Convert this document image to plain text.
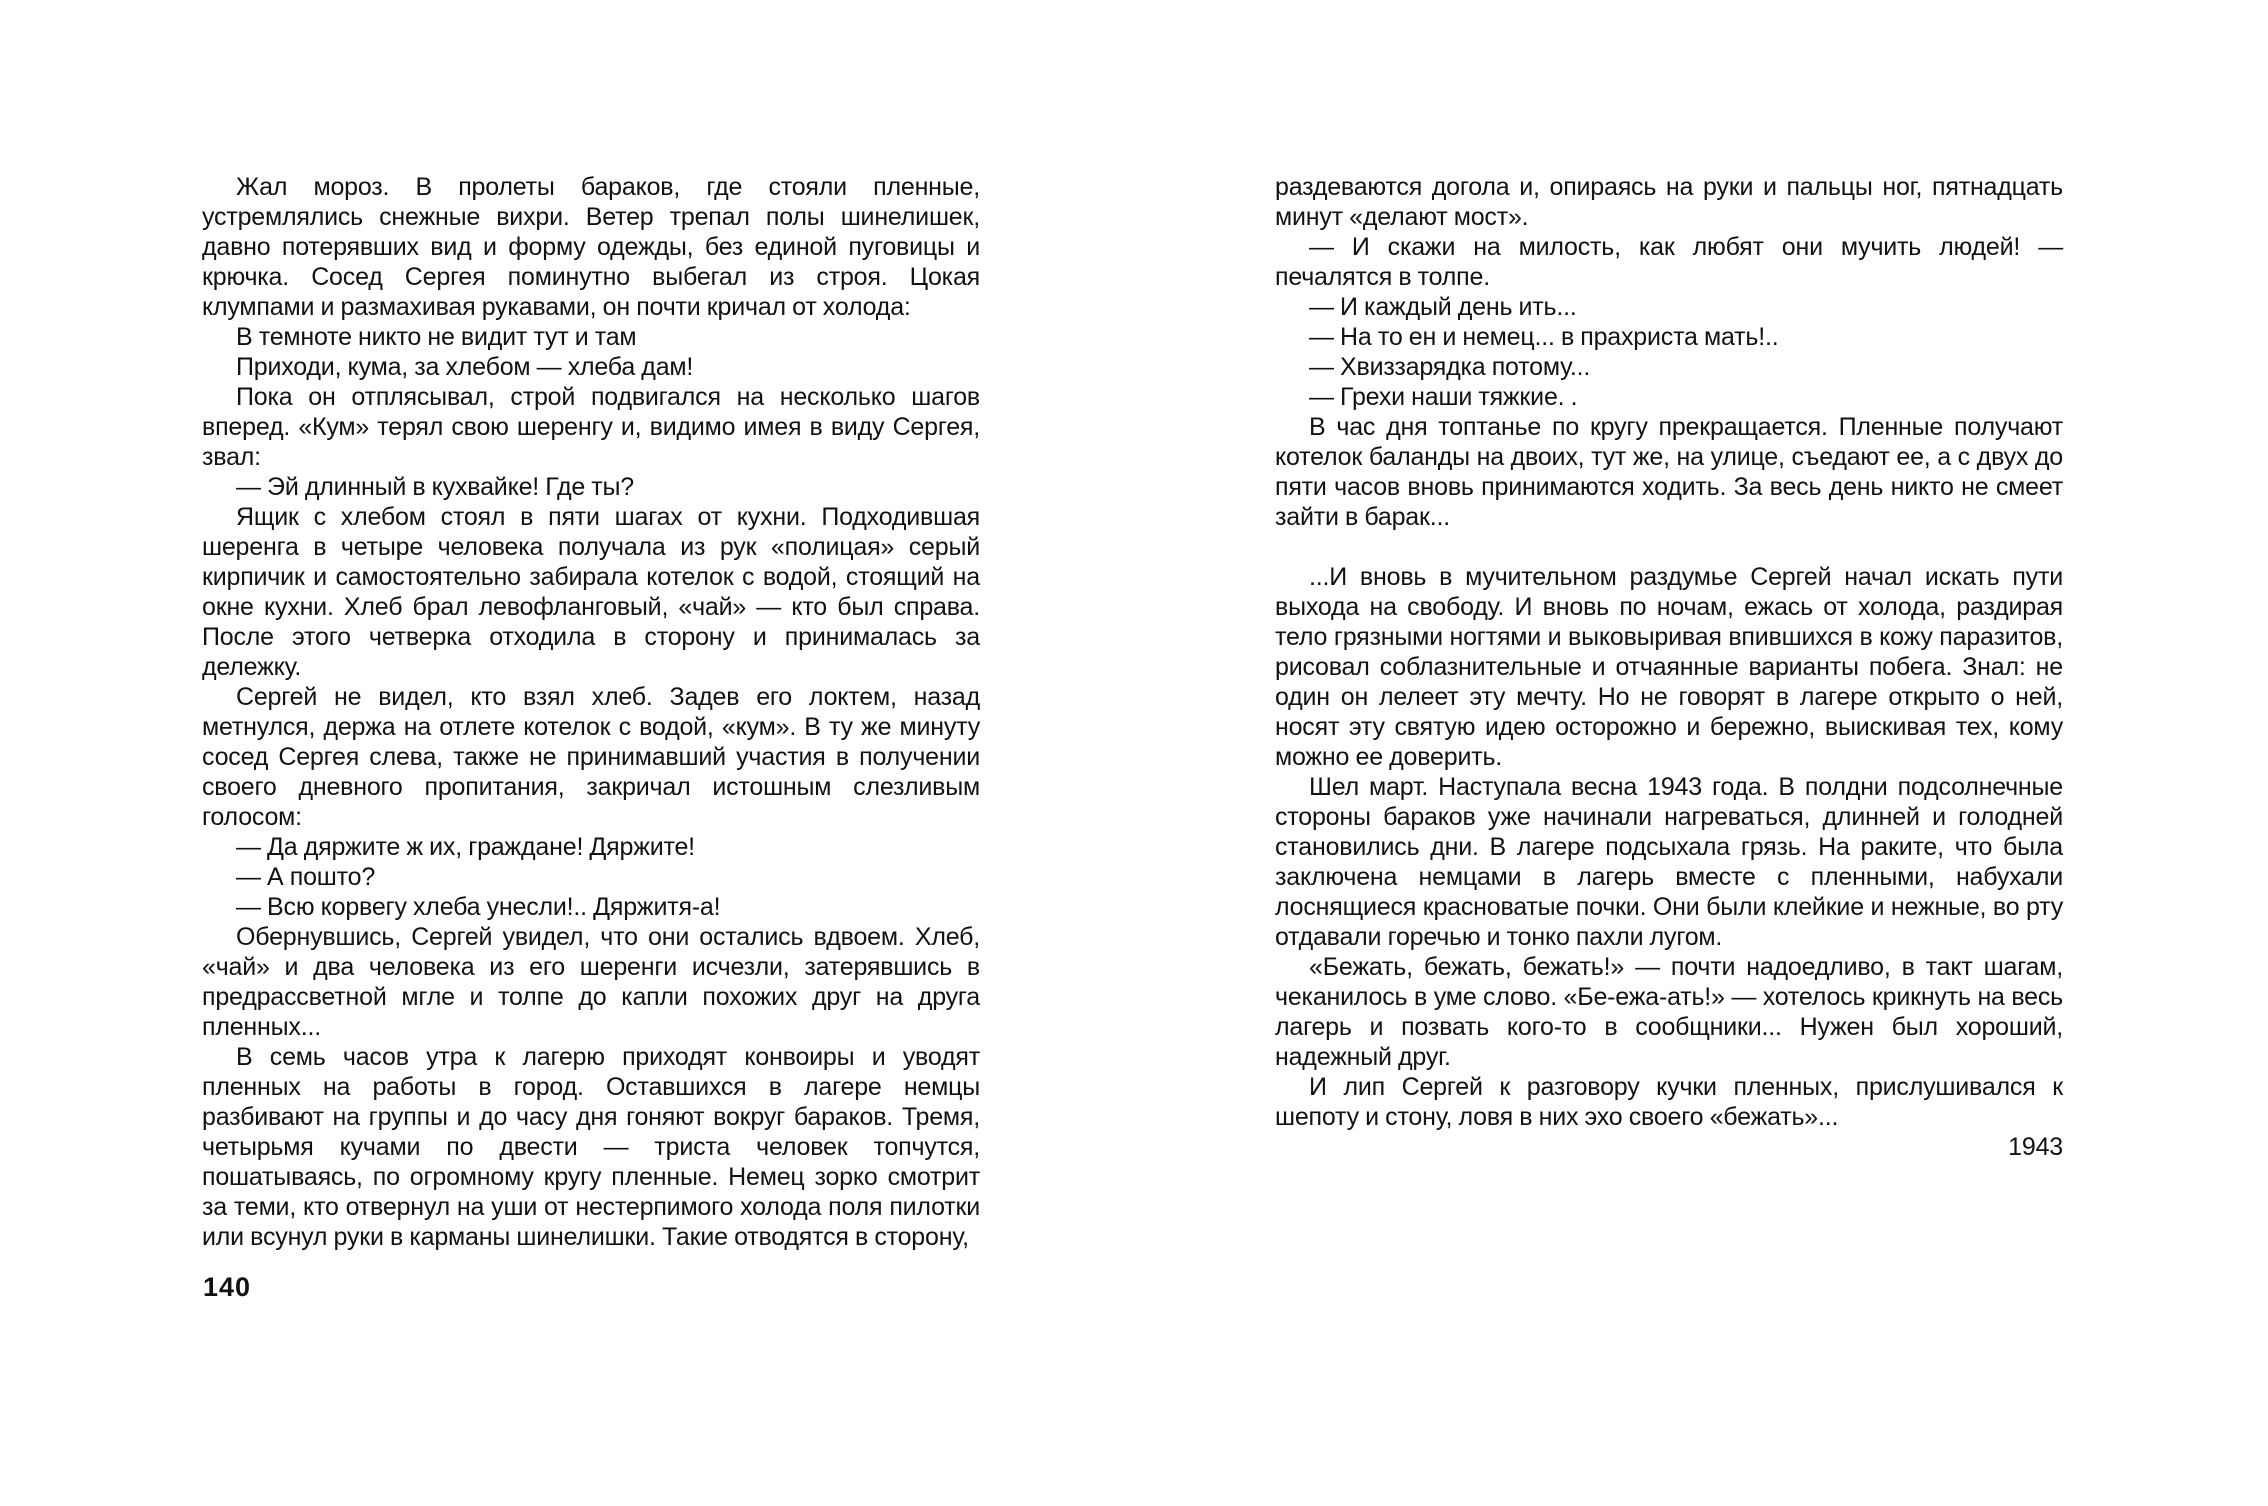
Жал мороз. В пролеты бараков, где стояли пленные, устремлялись снежные вихри. Ветер трепал полы шинелишек, давно потерявших вид и форму одежды, без единой пуговицы и крючка. Сосед Сергея поминутно выбегал из строя. Цокая клумпами и размахивая рукавами, он почти кричал от холода:

В темноте никто не видит тут и там

Приходи, кума, за хлебом — хлеба дам!

Пока он отплясывал, строй подвигался на несколько шагов вперед. «Кум» терял свою шеренгу и, видимо имея в виду Сергея, звал:

— Эй длинный в кухвайке! Где ты?

Ящик с хлебом стоял в пяти шагах от кухни. Подходившая шеренга в четыре человека получала из рук «полицая» серый кирпичик и самостоятельно забирала котелок с водой, стоящий на окне кухни. Хлеб брал левофланговый, «чай» — кто был справа. После этого четверка отходила в сторону и принималась за дележку.

Сергей не видел, кто взял хлеб. Задев его локтем, назад метнулся, держа на отлете котелок с водой, «кум». В ту же минуту сосед Сергея слева, также не принимавший участия в получении своего дневного пропитания, закричал истошным слезливым голосом:

— Да дяржите ж их, граждане! Дяржите!

— А пошто?

— Всю корвегу хлеба унесли!.. Дяржитя-а!

Обернувшись, Сергей увидел, что они остались вдвоем. Хлеб, «чай» и два человека из его шеренги исчезли, затерявшись в предрассветной мгле и толпе до капли похожих друг на друга пленных...

В семь часов утра к лагерю приходят конвоиры и уводят пленных на работы в город. Оставшихся в лагере немцы разбивают на группы и до часу дня гоняют вокруг бараков. Тремя, четырьмя кучами по двести — триста человек топчутся, пошатываясь, по огромному кругу пленные. Немец зорко смотрит за теми, кто отвернул на уши от нестерпимого холода поля пилотки или всунул руки в карманы шинелишки. Такие отводятся в сторону,

раздеваются догола и, опираясь на руки и пальцы ног, пятнадцать минут «делают мост».

— И скажи на милость, как любят они мучить людей! — печалятся в толпе.

— И каждый день ить...

— На то ен и немец... в прахриста мать!..

— Хвиззарядка потому...

— Грехи наши тяжкие. .

В час дня топтанье по кругу прекращается. Пленные получают котелок баланды на двоих, тут же, на улице, съедают ее, а с двух до пяти часов вновь принимаются ходить. За весь день никто не смеет зайти в барак...

...И вновь в мучительном раздумье Сергей начал искать пути выхода на свободу. И вновь по ночам, ежась от холода, раздирая тело грязными ногтями и выковыривая впившихся в кожу паразитов, рисовал соблазнительные и отчаянные варианты побега. Знал: не один он лелеет эту мечту. Но не говорят в лагере открыто о ней, носят эту святую идею осторожно и бережно, выискивая тех, кому можно ее доверить.

Шел март. Наступала весна 1943 года. В полдни подсолнечные стороны бараков уже начинали нагреваться, длинней и голодней становились дни. В лагере подсыхала грязь. На раките, что была заключена немцами в лагерь вместе с пленными, набухали лоснящиеся красноватые почки. Они были клейкие и нежные, во рту отдавали горечью и тонко пахли лугом.

«Бежать, бежать, бежать!» — почти надоедливо, в такт шагам, чеканилось в уме слово. «Бе-ежа-ать!» — хотелось крикнуть на весь лагерь и позвать кого-то в сообщники... Нужен был хороший, надежный друг.

И лип Сергей к разговору кучки пленных, прислушивался к шепоту и стону, ловя в них эхо своего «бежать»...

1943

140
